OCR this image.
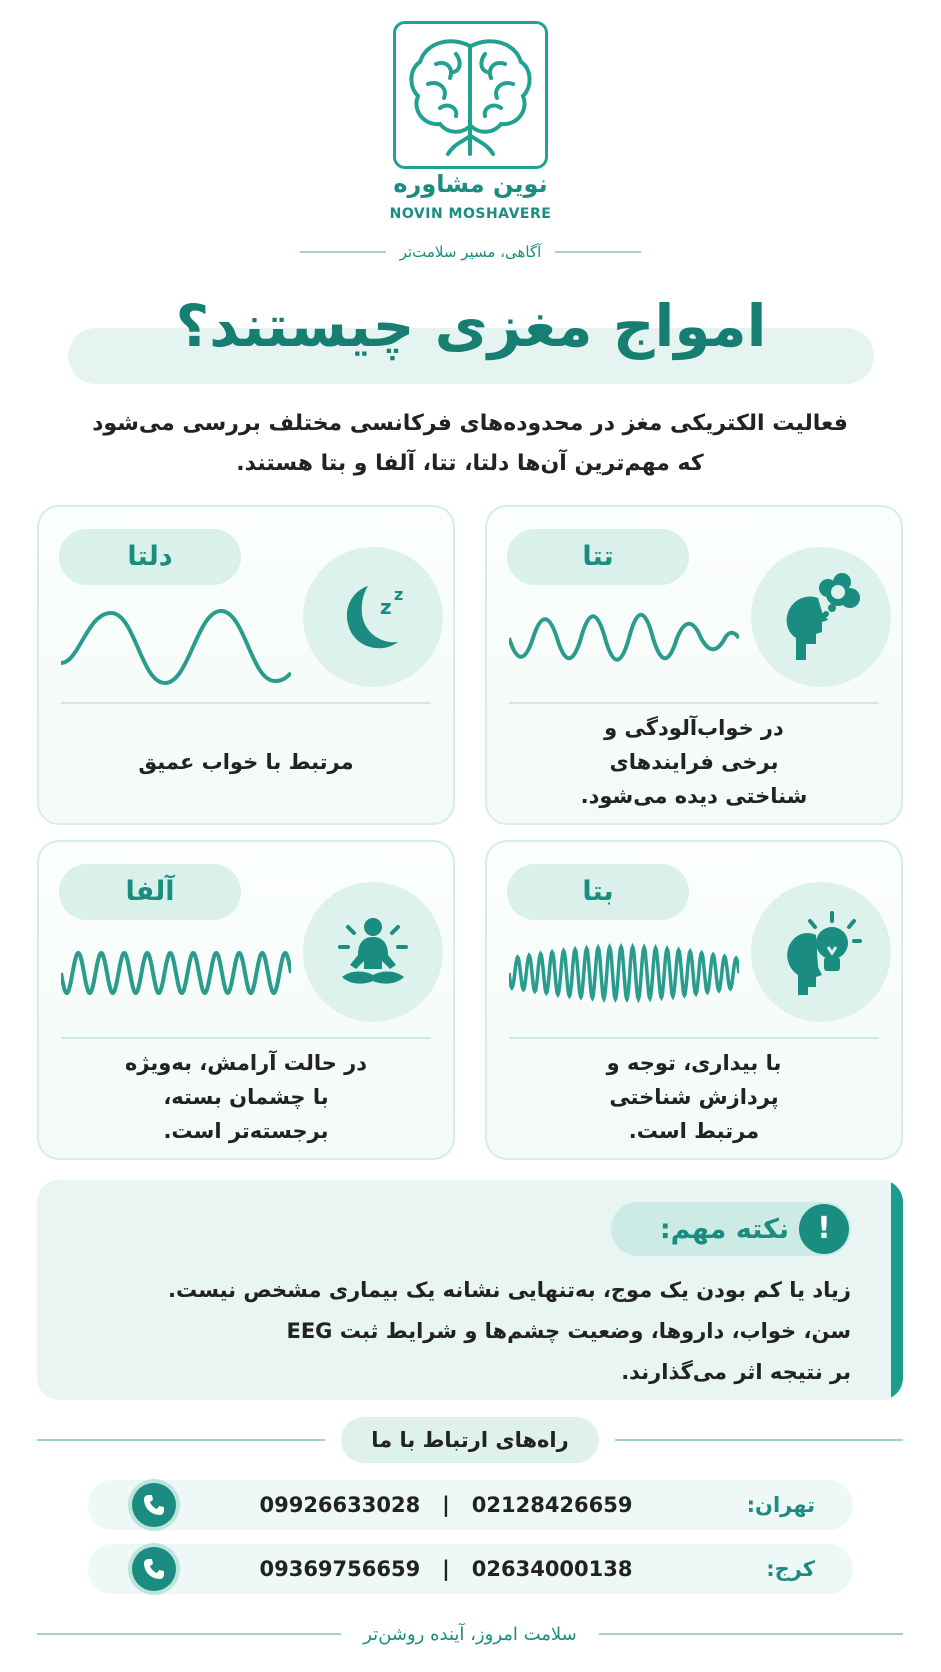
نوین مشاوره
NOVIN MOSHAVERE
آگاهی، مسیر سلامت‌تر
امواج مغزی چیستند؟
فعالیت الکتریکی مغز در محدوده‌های فرکانسی مختلف بررسی می‌شود
که مهم‌ترین آن‌ها دلتا، تتا، آلفا و بتا هستند.
تتا
در خواب‌آلودگی و برخی فرایندهای شناختی دیده می‌شود.
دلتا
z
z
مرتبط با خواب عمیق
بتا
با بیداری، توجه و پردازش شناختی مرتبط است.
آلفا
در حالت آرامش، به‌ویژه با چشمان بسته، برجسته‌تر است.
نکته مهم: !
زیاد یا کم بودن یک موج، به‌تنهایی نشانه یک بیماری مشخص نیست.
سن، خواب، داروها، وضعیت چشم‌ها و شرایط ثبت EEG
بر نتیجه اثر می‌گذارند.
راه‌های ارتباط با ما
تهران:
09926633028 | 02128426659
کرج:
09369756659 | 02634000138
سلامت امروز، آینده روشن‌تر
